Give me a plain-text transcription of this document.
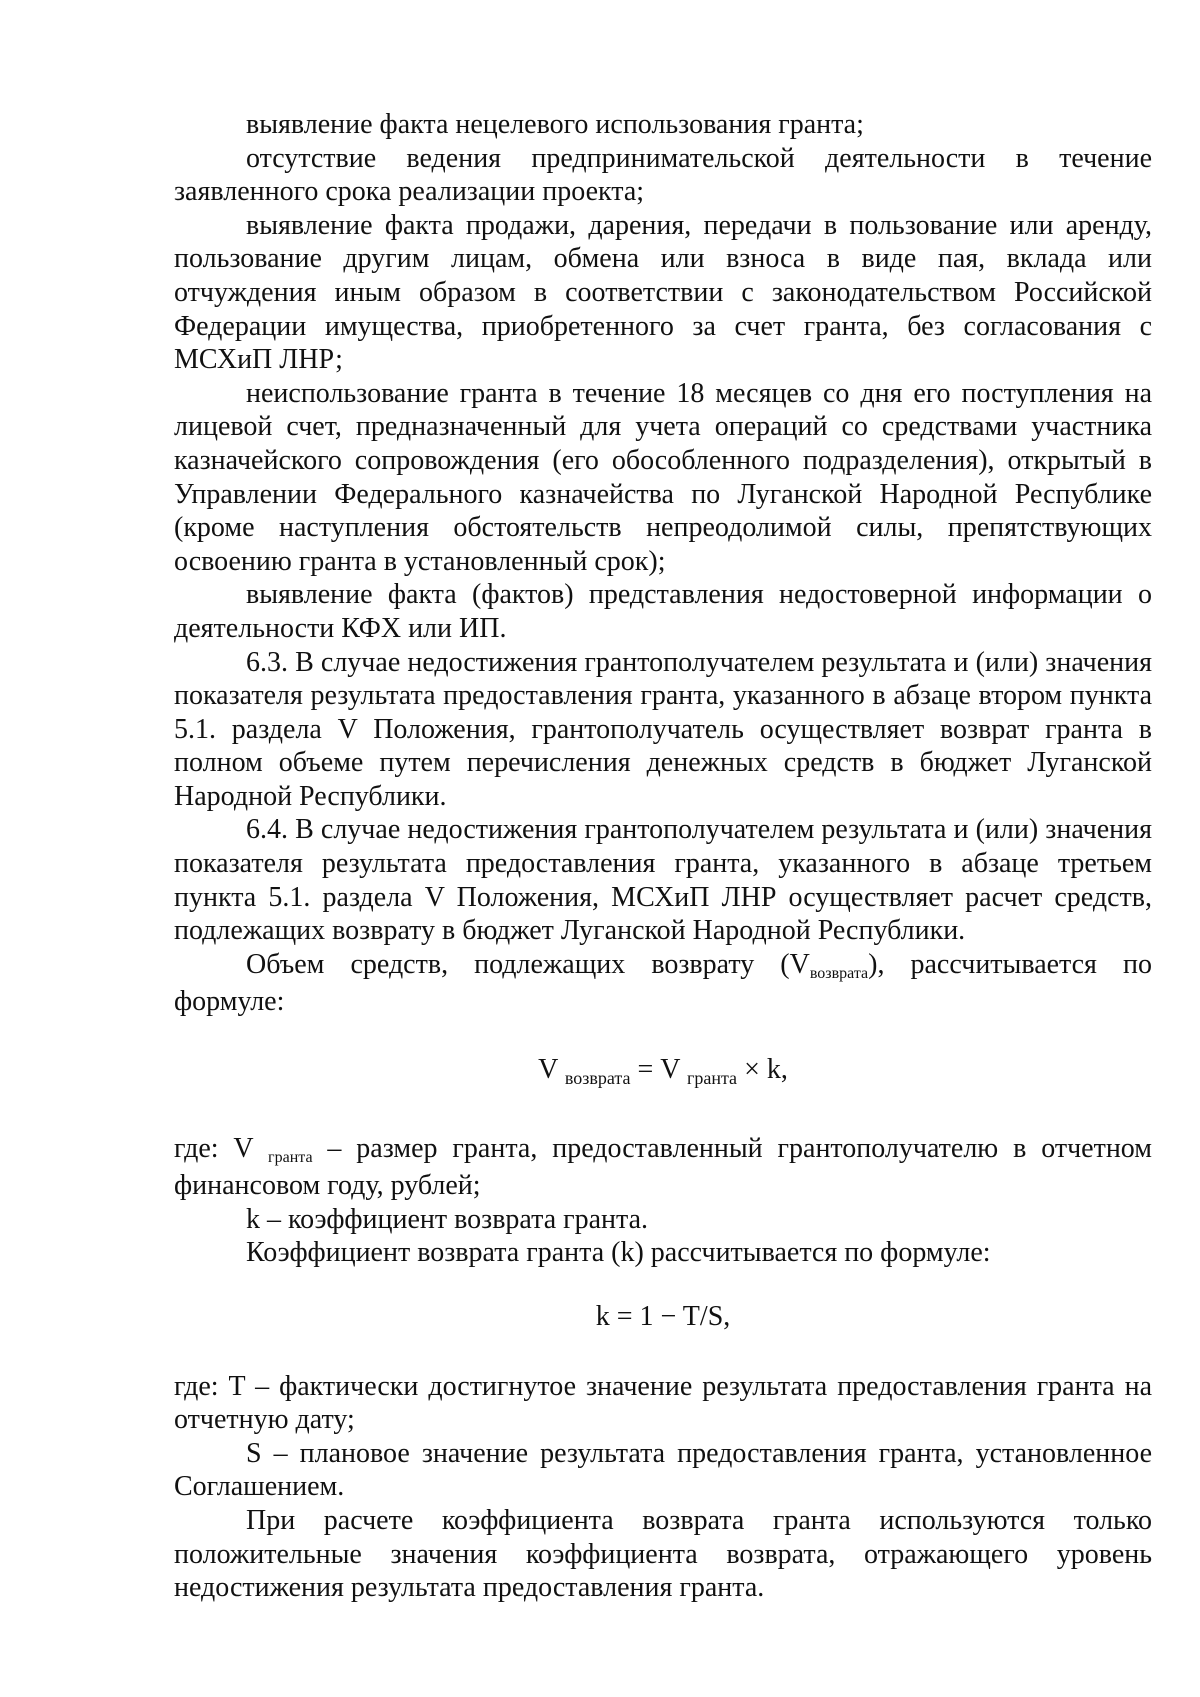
выявление факта нецелевого использования гранта;

отсутствие ведения предпринимательской деятельности в течение заявленного срока реализации проекта;

выявление факта продажи, дарения, передачи в пользование или аренду, пользование другим лицам, обмена или взноса в виде пая, вклада или отчуждения иным образом в соответствии с законодательством Российской Федерации имущества, приобретенного за счет гранта, без согласования с МСХиП ЛНР;

неиспользование гранта в течение 18 месяцев со дня его поступления на лицевой счет, предназначенный для учета операций со средствами участника казначейского сопровождения (его обособленного подразделения), открытый в Управлении Федерального казначейства по Луганской Народной Республике (кроме наступления обстоятельств непреодолимой силы, препятствующих освоению гранта в установленный срок);

выявление факта (фактов) представления недостоверной информации о деятельности КФХ или ИП.

6.3. В случае недостижения грантополучателем результата и (или) значения показателя результата предоставления гранта, указанного в абзаце втором пункта 5.1. раздела V Положения, грантополучатель осуществляет возврат гранта в полном объеме путем перечисления денежных средств в бюджет Луганской Народной Республики.

6.4. В случае недостижения грантополучателем результата и (или) значения показателя результата предоставления гранта, указанного в абзаце третьем пункта 5.1. раздела V Положения, МСХиП ЛНР осуществляет расчет средств, подлежащих возврату в бюджет Луганской Народной Республики.

Объем средств, подлежащих возврату (Vвозврата), рассчитывается по формуле:

V $_{возврата}$ = V $_{гранта}$ × k,

где: V гранта – размер гранта, предоставленный грантополучателю в отчетном финансовом году, рублей;

k – коэффициент возврата гранта.

Коэффициент возврата гранта (k) рассчитывается по формуле:

k = 1 − T/S,

где: T – фактически достигнутое значение результата предоставления гранта на отчетную дату;

S – плановое значение результата предоставления гранта, установленное Соглашением.

При расчете коэффициента возврата гранта используются только положительные значения коэффициента возврата, отражающего уровень недостижения результата предоставления гранта.
